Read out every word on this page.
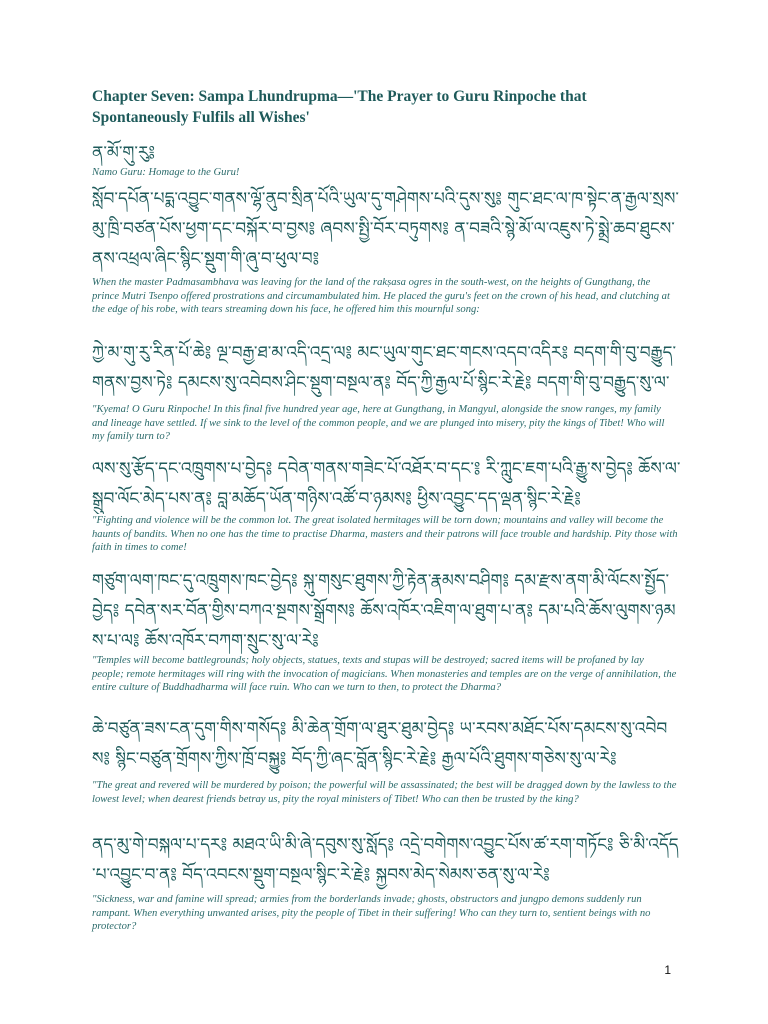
Chapter Seven: Sampa Lhundrupma—'The Prayer to Guru Rinpoche that Spontaneously Fulfils all Wishes'
ན་མོ་གུ་རུ༔

Namo Guru: Homage to the Guru!

སློབ་དཔོན་པདྨ་འབྱུང་གནས་ལྷོ་ནུབ་སྲིན་པོའི་ཡུལ་དུ་གཤེགས་པའི་དུས་སུ༔ གུང་ཐང་ལ་ཁ་སྟེང་ན་རྒྱལ་སྲས་མུ་ཁྲི་བཙན་པོས་ཕྱག་དང་བསྐོར་བ་བྱས༔ ཞབས་སྤྱི་བོར་བཏུགས༔ ན་བཟའི་སྙེ་མོ་ལ་འཇུས་ཏེ་སྨྲེ་ཆབ་ཐུངས་ནས་འཕྲལ་ཞིང་སྙིང་སྡུག་གི་ཞུ་བ་ཕུལ་བ༔

When the master Padmasambhava was leaving for the land of the rakṣasa ogres in the south-west, on the heights of Gungthang, the prince Mutri Tsenpo offered prostrations and circumambulated him. He placed the guru's feet on the crown of his head, and clutching at the edge of his robe, with tears streaming down his face, he offered him this mournful song:

ཀྱེ་མ་གུ་རུ་རིན་པོ་ཆེ༔ ལྔ་བརྒྱ་ཐ་མ་འདི་འདྲ་ལ༔ མང་ཡུལ་གུང་ཐང་གངས་འདབ་འདིར༔ བདག་གི་བུ་བརྒྱུད་གནས་བྱས་ཏེ༔ དམངས་སུ་འབེབས་ཤིང་སྡུག་བསྔལ་ན༔ བོད་ཀྱི་རྒྱལ་པོ་སྙིང་རེ་རྗེ༔ བདག་གི་བུ་བརྒྱུད་སུ་ལ་

"Kyema! O Guru Rinpoche! In this final five hundred year age, here at Gungthang, in Mangyul, alongside the snow ranges, my family and lineage have settled. If we sink to the level of the common people, and we are plunged into misery, pity the kings of Tibet! Who will my family turn to?

ལས་སུ་རྩོད་དང་འཁྲུགས་པ་བྱེད༔ དབེན་གནས་གཟེང་པོ་འཐོར་བ་དང་༔ རི་ཀླུང་ཇག་པའི་རྒྱུ་ས་བྱེད༔ ཆོས་ལ་སྒྲུབ་ལོང་མེད་པས་ན༔ བླ་མཆོད་ཡོན་གཉིས་འཚོ་བ་ཉམས༔ ཕྱིས་འབྱུང་དད་ལྡན་སྙིང་རེ་རྗེ༔

"Fighting and violence will be the common lot. The great isolated hermitages will be torn down; mountains and valley will become the haunts of bandits. When no one has the time to practise Dharma, masters and their patrons will face trouble and hardship. Pity those with faith in times to come!

གཙུག་ལག་ཁང་དུ་འཁྲུགས་ཁང་བྱེད༔ སྐུ་གསུང་ཐུགས་ཀྱི་རྟེན་རྣམས་བཤིག༔ དམ་རྫས་ནག་མི་ལོངས་སྤྱོད་བྱེད༔ དབེན་སར་བོན་གྱིས་བཀའ་སྔགས་སྒྲོགས༔ ཆོས་འཁོར་འཇིག་ལ་ཐུག་པ་ན༔ དམ་པའི་ཆོས་ལུགས་ཉམས་པ་ལ༔ ཆོས་འཁོར་བཀག་སྲུང་སུ་ལ་རེ༔

"Temples will become battlegrounds; holy objects, statues, texts and stupas will be destroyed; sacred items will be profaned by lay people; remote hermitages will ring with the invocation of magicians. When monasteries and temples are on the verge of annihilation, the entire culture of Buddhadharma will face ruin. Who can we turn to then, to protect the Dharma?

ཆེ་བཙུན་ཟས་ངན་དུག་གིས་གསོད༔ མི་ཆེན་གྲོག་ལ་ཐུར་ཐུམ་བྱེད༔ ཡ་རབས་མཐོང་པོས་དམངས་སུ་འབེབས༔ སྙིང་བཙུན་གྲོགས་ཀྱིས་ཁྲོ་བསྐྱུ༔ བོད་ཀྱི་ཞང་བློན་སྙིང་རེ་རྗེ༔ རྒྱལ་པོའི་ཐུགས་གཅེས་སུ་ལ་རེ༔

"The great and revered will be murdered by poison; the powerful will be assassinated; the best will be dragged down by the lawless to the lowest level; when dearest friends betray us, pity the royal ministers of Tibet! Who can then be trusted by the king?

ནད་མུ་གེ་བསྐལ་པ་དར༔ མཐའ་ཡི་མི་ཞེ་དབུས་སུ་སློད༔ འདྲེ་བགེགས་འབྱུང་པོས་ཚ་རག་གཏོང༔ ཅི་མི་འདོད་པ་འབྱུང་བ་ན༔ བོད་འབངས་སྡུག་བསྔལ་སྙིང་རེ་རྗེ༔ སྐྱབས་མེད་སེམས་ཅན་སུ་ལ་རེ༔

"Sickness, war and famine will spread; armies from the borderlands invade; ghosts, obstructors and jungpo demons suddenly run rampant. When everything unwanted arises, pity the people of Tibet in their suffering! Who can they turn to, sentient beings with no protector?

1
